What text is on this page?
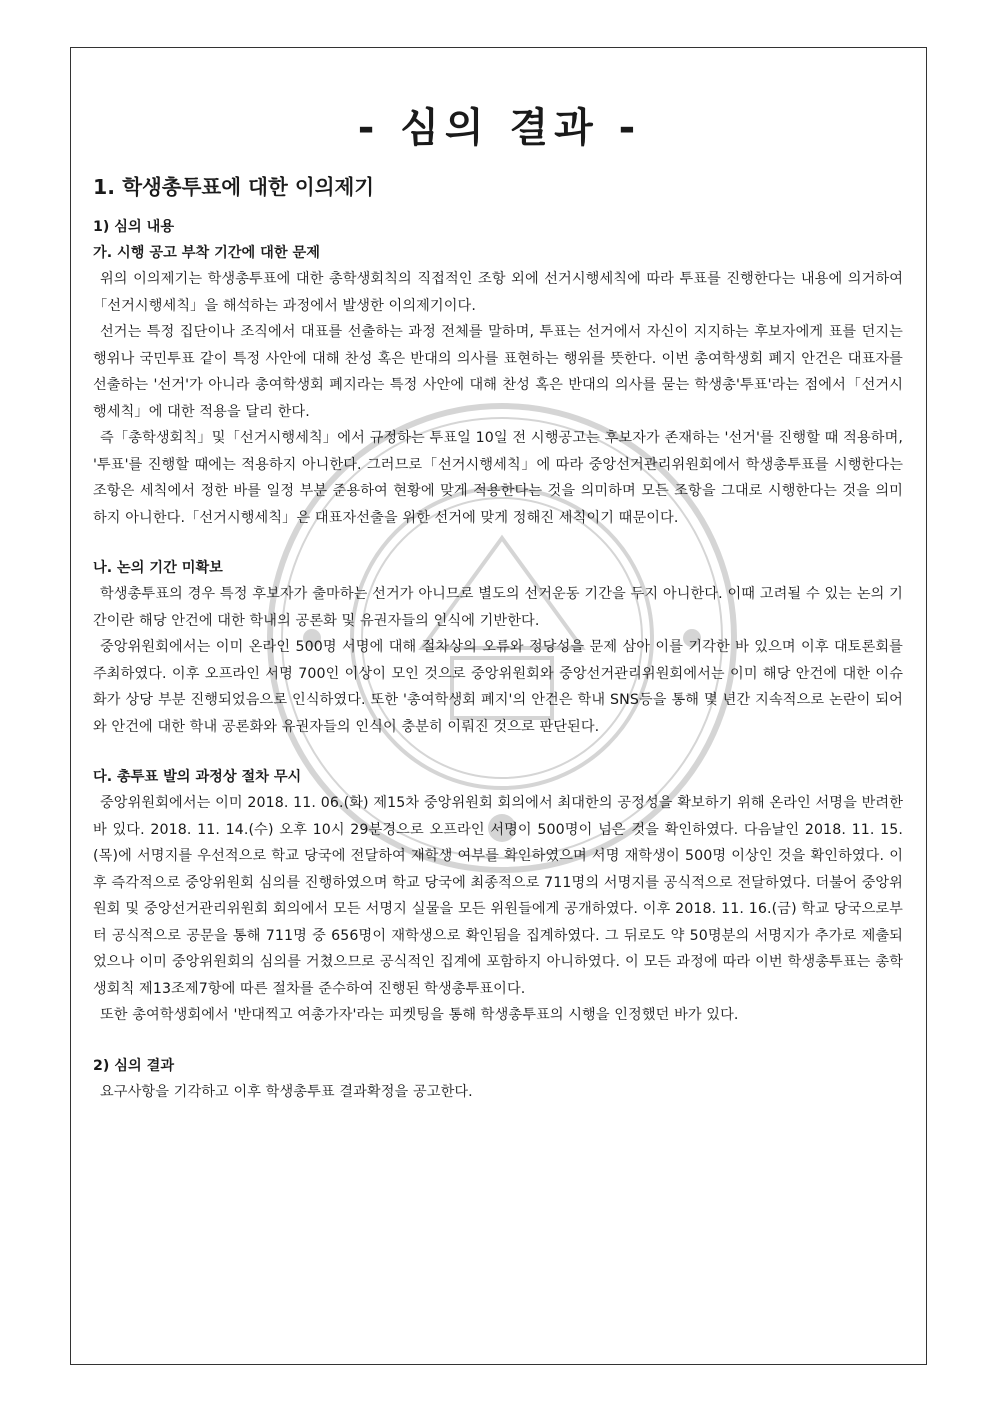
- 심의 결과 -
1. 학생총투표에 대한 이의제기
1) 심의 내용
가. 시행 공고 부착 기간에 대한 문제

위의 이의제기는 학생총투표에 대한 총학생회칙의 직접적인 조항 외에 선거시행세칙에 따라 투표를 진행한다는 내용에 의거하여「선거시행세칙」을 해석하는 과정에서 발생한 이의제기이다.

선거는 특정 집단이나 조직에서 대표를 선출하는 과정 전체를 말하며, 투표는 선거에서 자신이 지지하는 후보자에게 표를 던지는 행위나 국민투표 같이 특정 사안에 대해 찬성 혹은 반대의 의사를 표현하는 행위를 뜻한다. 이번 총여학생회 폐지 안건은 대표자를 선출하는 '선거'가 아니라 총여학생회 폐지라는 특정 사안에 대해 찬성 혹은 반대의 의사를 묻는 학생총'투표'라는 점에서「선거시행세칙」에 대한 적용을 달리 한다.

즉「총학생회칙」및「선거시행세칙」에서 규정하는 투표일 10일 전 시행공고는 후보자가 존재하는 '선거'를 진행할 때 적용하며, '투표'를 진행할 때에는 적용하지 아니한다. 그러므로「선거시행세칙」에 따라 중앙선거관리위원회에서 학생총투표를 시행한다는 조항은 세칙에서 정한 바를 일정 부분 준용하여 현황에 맞게 적용한다는 것을 의미하며 모든 조항을 그대로 시행한다는 것을 의미하지 아니한다.「선거시행세칙」은 대표자선출을 위한 선거에 맞게 정해진 세칙이기 때문이다.

나. 논의 기간 미확보

학생총투표의 경우 특정 후보자가 출마하는 선거가 아니므로 별도의 선거운동 기간을 두지 아니한다. 이때 고려될 수 있는 논의 기간이란 해당 안건에 대한 학내의 공론화 및 유권자들의 인식에 기반한다.

중앙위원회에서는 이미 온라인 500명 서명에 대해 절차상의 오류와 정당성을 문제 삼아 이를 기각한 바 있으며 이후 대토론회를 주최하였다. 이후 오프라인 서명 700인 이상이 모인 것으로 중앙위원회와 중앙선거관리위원회에서는 이미 해당 안건에 대한 이슈화가 상당 부분 진행되었음으로 인식하였다. 또한 '총여학생회 폐지'의 안건은 학내 SNS등을 통해 몇 년간 지속적으로 논란이 되어와 안건에 대한 학내 공론화와 유권자들의 인식이 충분히 이뤄진 것으로 판단된다.

다. 총투표 발의 과정상 절차 무시

중앙위원회에서는 이미 2018. 11. 06.(화) 제15차 중앙위원회 회의에서 최대한의 공정성을 확보하기 위해 온라인 서명을 반려한 바 있다. 2018. 11. 14.(수) 오후 10시 29분경으로 오프라인 서명이 500명이 넘은 것을 확인하였다. 다음날인 2018. 11. 15.(목)에 서명지를 우선적으로 학교 당국에 전달하여 재학생 여부를 확인하였으며 서명 재학생이 500명 이상인 것을 확인하였다. 이후 즉각적으로 중앙위원회 심의를 진행하였으며 학교 당국에 최종적으로 711명의 서명지를 공식적으로 전달하였다. 더불어 중앙위원회 및 중앙선거관리위원회 회의에서 모든 서명지 실물을 모든 위원들에게 공개하였다. 이후 2018. 11. 16.(금) 학교 당국으로부터 공식적으로 공문을 통해 711명 중 656명이 재학생으로 확인됨을 집계하였다. 그 뒤로도 약 50명분의 서명지가 추가로 제출되었으나 이미 중앙위원회의 심의를 거쳤으므로 공식적인 집계에 포함하지 아니하였다. 이 모든 과정에 따라 이번 학생총투표는 총학생회칙 제13조제7항에 따른 절차를 준수하여 진행된 학생총투표이다.

또한 총여학생회에서 '반대찍고 여총가자'라는 피켓팅을 통해 학생총투표의 시행을 인정했던 바가 있다.

2) 심의 결과

요구사항을 기각하고 이후 학생총투표 결과확정을 공고한다.
